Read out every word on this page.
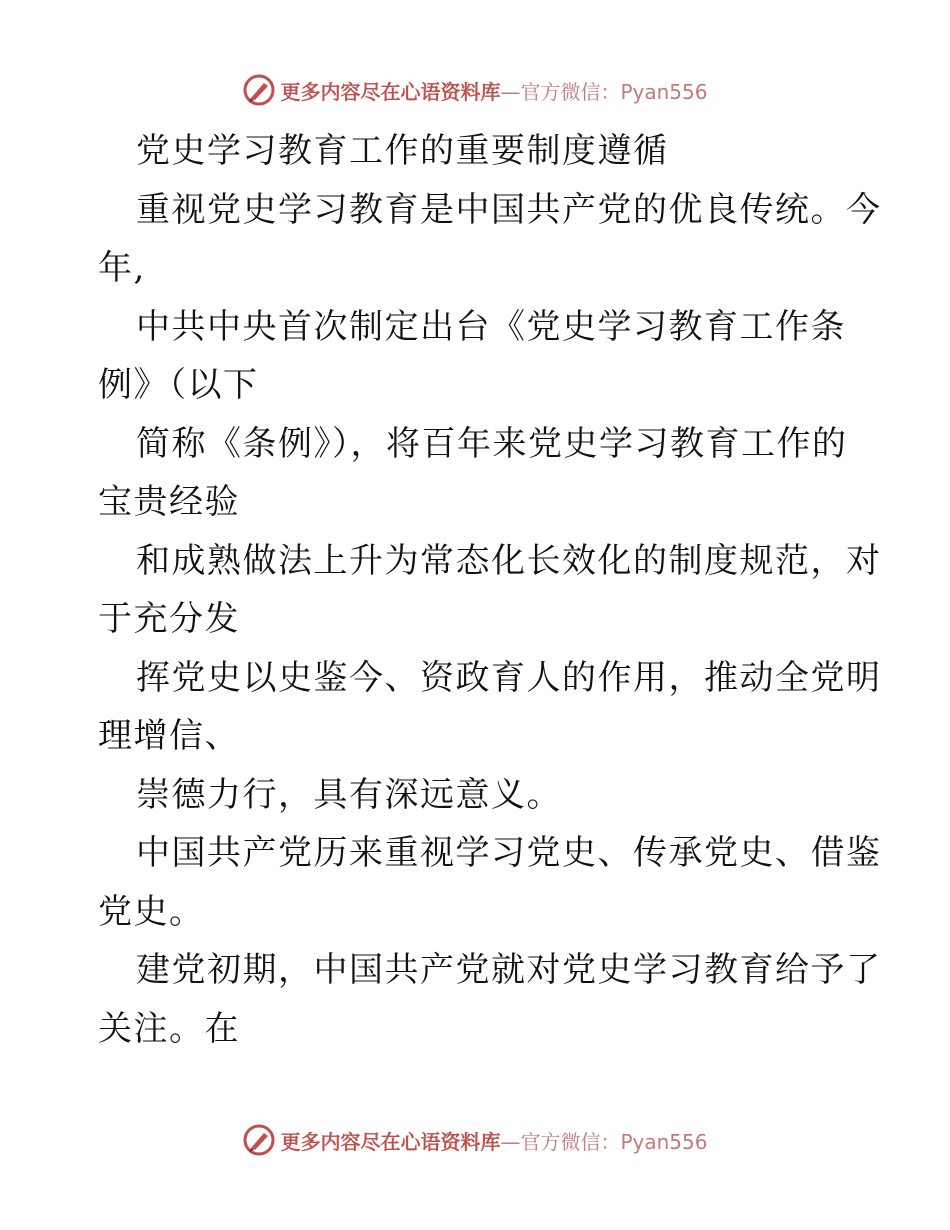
更多内容尽在心语资料库—官方微信：Pyan556
党史学习教育工作的重要制度遵循
重视党史学习教育是中国共产党的优良传统。今
年,
中共中央首次制定出台《党史学习教育工作条
例》（以下
简称《条例》），将百年来党史学习教育工作的
宝贵经验
和成熟做法上升为常态化长效化的制度规范，对
于充分发
挥党史以史鉴今、资政育人的作用，推动全党明
理增信、
崇德力行，具有深远意义。
中国共产党历来重视学习党史、传承党史、借鉴
党史。
建党初期，中国共产党就对党史学习教育给予了
关注。在
更多内容尽在心语资料库—官方微信：Pyan556
